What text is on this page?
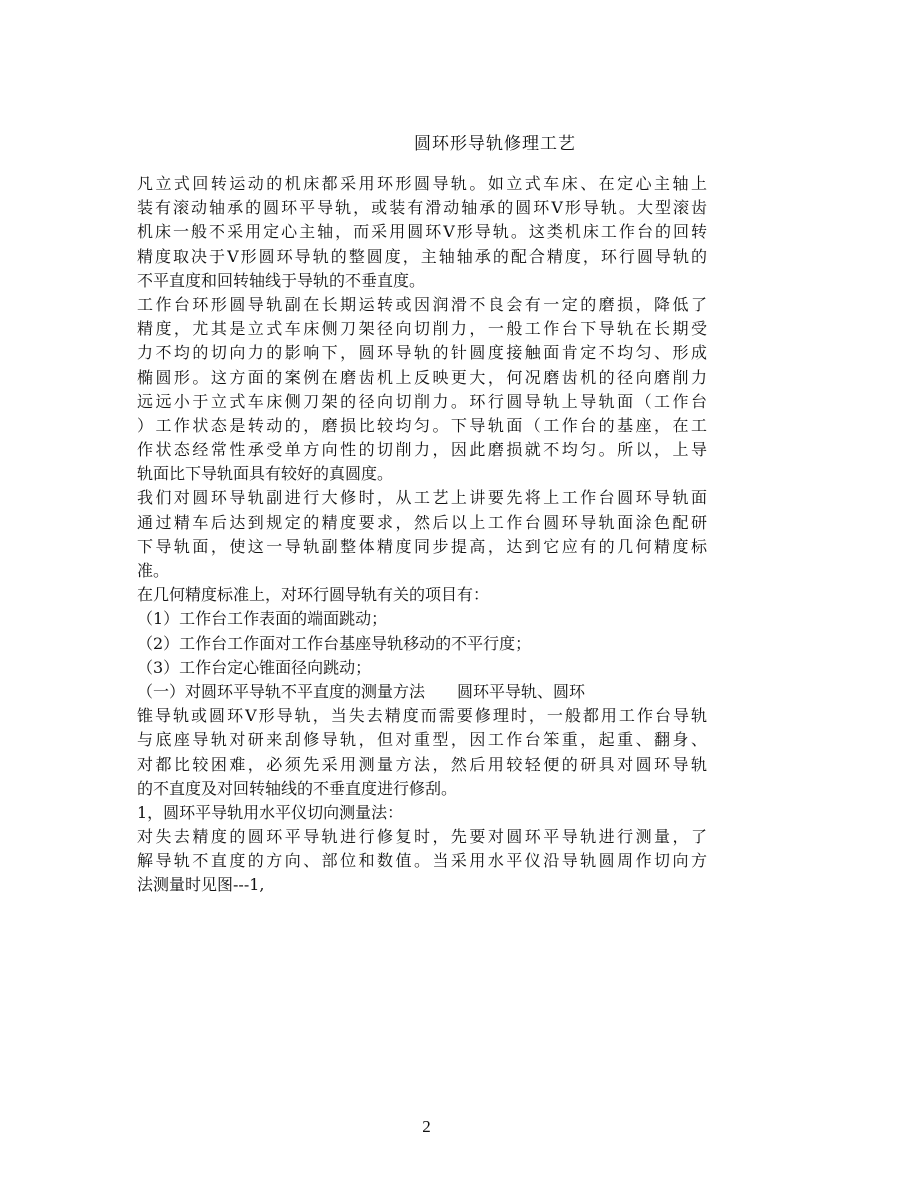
圆环形导轨修理工艺
凡立式回转运动的机床都采用环形圆导轨。如立式车床、在定心主轴上
装有滚动轴承的圆环平导轨，或装有滑动轴承的圆环V形导轨。大型滚齿
机床一般不采用定心主轴，而采用圆环V形导轨。这类机床工作台的回转
精度取决于V形圆环导轨的整圆度，主轴轴承的配合精度，环行圆导轨的
不平直度和回转轴线于导轨的不垂直度。
工作台环形圆导轨副在长期运转或因润滑不良会有一定的磨损，降低了
精度，尤其是立式车床侧刀架径向切削力，一般工作台下导轨在长期受
力不均的切向力的影响下，圆环导轨的针圆度接触面肯定不均匀、形成
椭圆形。这方面的案例在磨齿机上反映更大，何况磨齿机的径向磨削力
远远小于立式车床侧刀架的径向切削力。环行圆导轨上导轨面（工作台
）工作状态是转动的，磨损比较均匀。下导轨面（工作台的基座，在工
作状态经常性承受单方向性的切削力，因此磨损就不均匀。所以，上导
轨面比下导轨面具有较好的真圆度。
我们对圆环导轨副进行大修时，从工艺上讲要先将上工作台圆环导轨面
通过精车后达到规定的精度要求，然后以上工作台圆环导轨面涂色配研
下导轨面，使这一导轨副整体精度同步提高，达到它应有的几何精度标
准。
在几何精度标准上，对环行圆导轨有关的项目有：
（1）工作台工作表面的端面跳动；
（2）工作台工作面对工作台基座导轨移动的不平行度；
（3）工作台定心锥面径向跳动；
（一）对圆环平导轨不平直度的测量方法　　圆环平导轨、圆环
锥导轨或圆环V形导轨，当失去精度而需要修理时，一般都用工作台导轨
与底座导轨对研来刮修导轨，但对重型，因工作台笨重，起重、翻身、
对都比较困难，必须先采用测量方法，然后用较轻便的研具对圆环导轨
的不直度及对回转轴线的不垂直度进行修刮。
1，圆环平导轨用水平仪切向测量法：
对失去精度的圆环平导轨进行修复时，先要对圆环平导轨进行测量，了
解导轨不直度的方向、部位和数值。当采用水平仪沿导轨圆周作切向方
法测量时见图---1,
2
